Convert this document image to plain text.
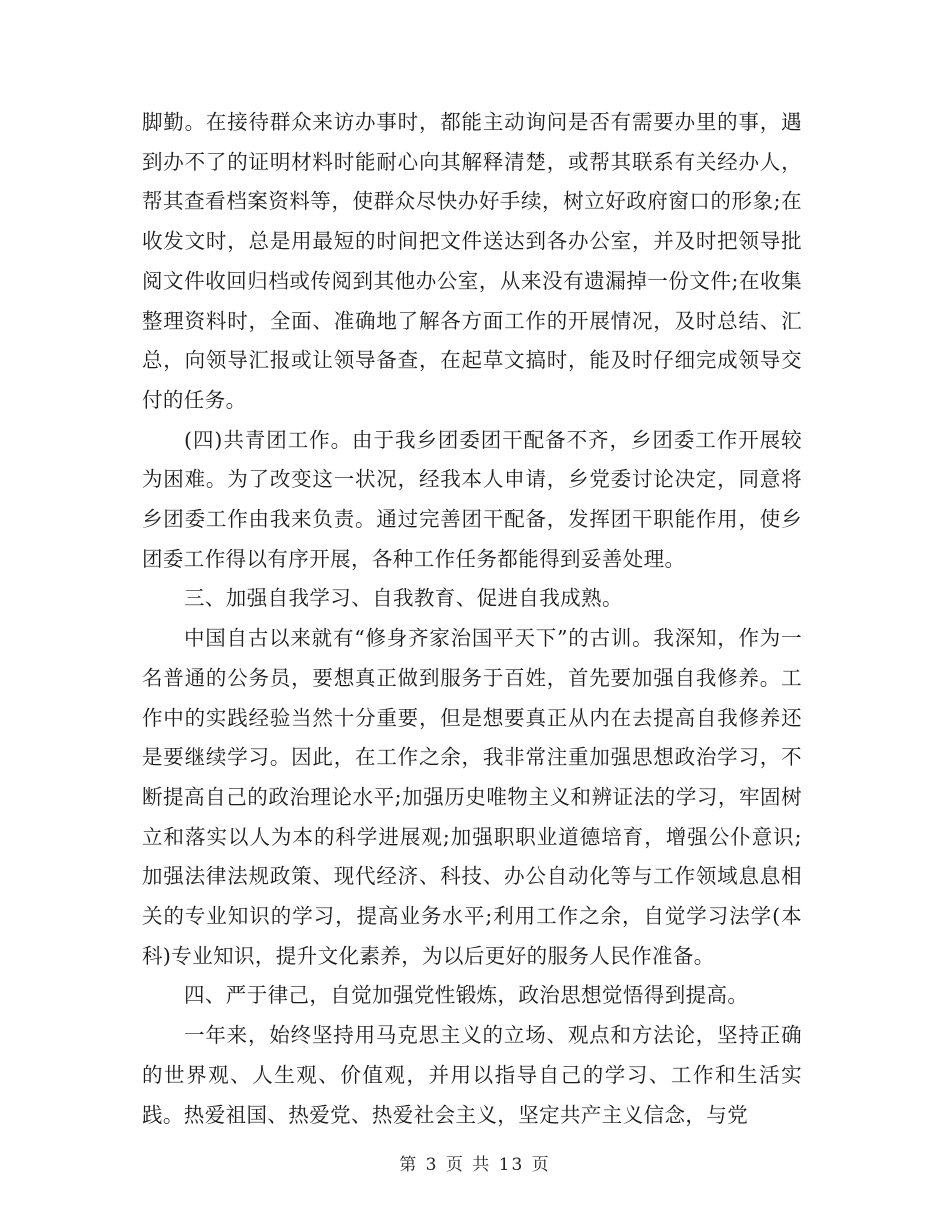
脚勤。在接待群众来访办事时，都能主动询问是否有需要办里的事，遇到办不了的证明材料时能耐心向其解释清楚，或帮其联系有关经办人，帮其查看档案资料等，使群众尽快办好手续，树立好政府窗口的形象;在收发文时，总是用最短的时间把文件送达到各办公室，并及时把领导批阅文件收回归档或传阅到其他办公室，从来没有遗漏掉一份文件;在收集整理资料时，全面、准确地了解各方面工作的开展情况，及时总结、汇总，向领导汇报或让领导备查，在起草文搞时，能及时仔细完成领导交付的任务。

(四)共青团工作。由于我乡团委团干配备不齐，乡团委工作开展较为困难。为了改变这一状况，经我本人申请，乡党委讨论决定，同意将乡团委工作由我来负责。通过完善团干配备，发挥团干职能作用，使乡团委工作得以有序开展，各种工作任务都能得到妥善处理。

三、加强自我学习、自我教育、促进自我成熟。

中国自古以来就有“修身齐家治国平天下”的古训。我深知，作为一名普通的公务员，要想真正做到服务于百姓，首先要加强自我修养。工作中的实践经验当然十分重要，但是想要真正从内在去提高自我修养还是要继续学习。因此，在工作之余，我非常注重加强思想政治学习，不断提高自己的政治理论水平;加强历史唯物主义和辨证法的学习，牢固树立和落实以人为本的科学进展观;加强职职业道德培育，增强公仆意识;加强法律法规政策、现代经济、科技、办公自动化等与工作领域息息相关的专业知识的学习，提高业务水平;利用工作之余，自觉学习法学(本科)专业知识，提升文化素养，为以后更好的服务人民作准备。

四、严于律己，自觉加强党性锻炼，政治思想觉悟得到提高。

一年来，始终坚持用马克思主义的立场、观点和方法论，坚持正确的世界观、人生观、价值观，并用以指导自己的学习、工作和生活实践。热爱祖国、热爱党、热爱社会主义，坚定共产主义信念，与党

第 3 页 共 13 页
